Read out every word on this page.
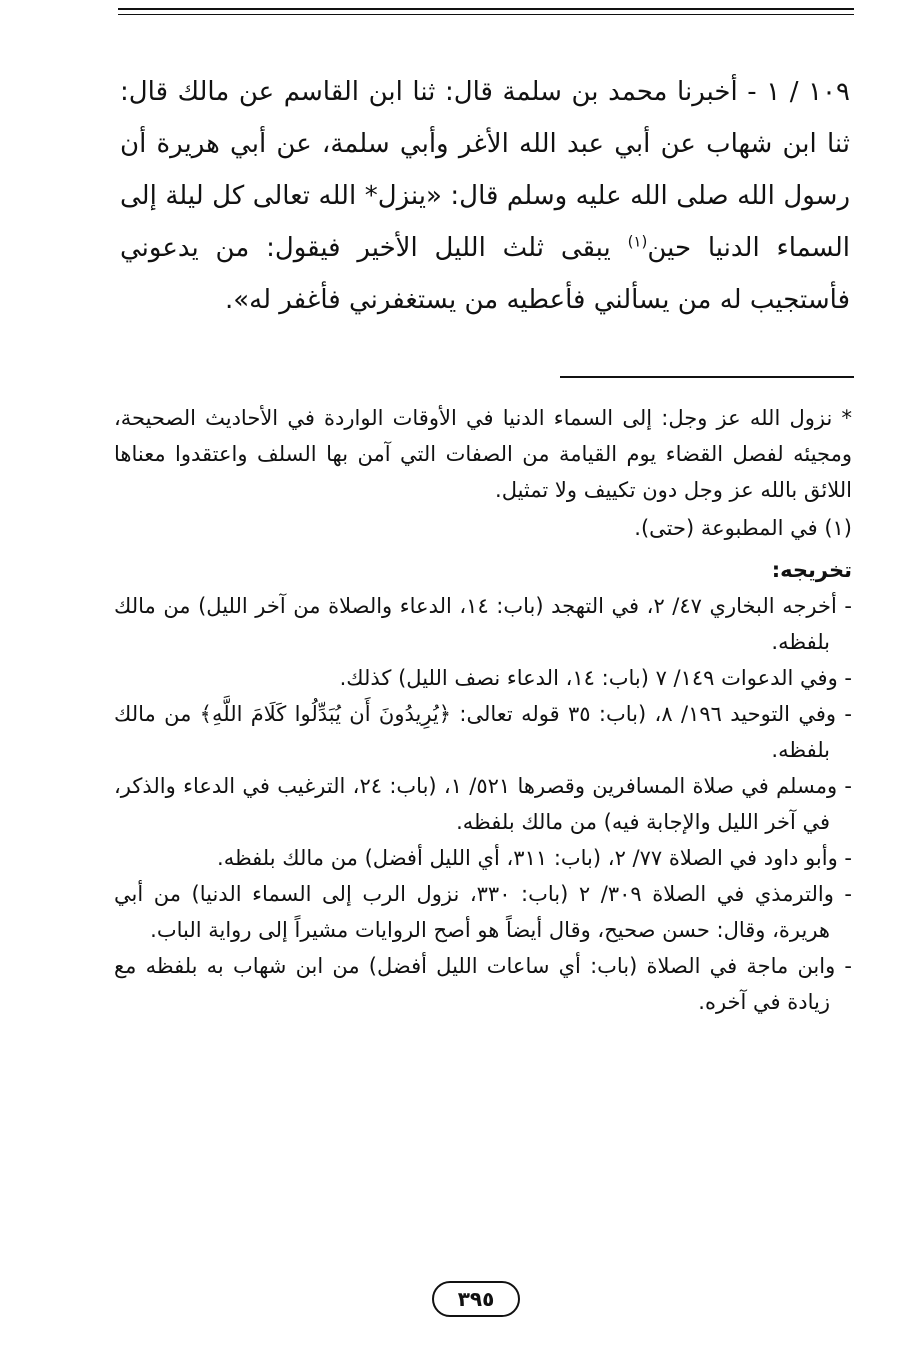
١٠٩ / ١ - أخبرنا محمد بن سلمة قال: ثنا ابن القاسم عن مالك قال: ثنا ابن شهاب عن أبي عبد الله الأغر وأبي سلمة، عن أبي هريرة أن رسول الله صلى الله عليه وسلم قال: «ينزل* الله تعالى كل ليلة إلى السماء الدنيا حين$^{(١)}$ يبقى ثلث الليل الأخير فيقول: من يدعوني فأستجيب له من يسألني فأعطيه من يستغفرني فأغفر له».

* نزول الله عز وجل: إلى السماء الدنيا في الأوقات الواردة في الأحاديث الصحيحة، ومجيئه لفصل القضاء يوم القيامة من الصفات التي آمن بها السلف واعتقدوا معناها اللائق بالله عز وجل دون تكييف ولا تمثيل.

(١) في المطبوعة (حتى).

تخريجه:

- أخرجه البخاري ٤٧/ ٢، في التهجد (باب: ١٤، الدعاء والصلاة من آخر الليل) من مالك بلفظه.

- وفي الدعوات ١٤٩/ ٧ (باب: ١٤، الدعاء نصف الليل) كذلك.

- وفي التوحيد ١٩٦/ ٨، (باب: ٣٥ قوله تعالى: ﴿يُرِيدُونَ أَن يُبَدِّلُوا كَلَامَ اللَّهِ﴾ من مالك بلفظه.

- ومسلم في صلاة المسافرين وقصرها ٥٢١/ ١، (باب: ٢٤، الترغيب في الدعاء والذكر، في آخر الليل والإجابة فيه) من مالك بلفظه.

- وأبو داود في الصلاة ٧٧/ ٢، (باب: ٣١١، أي الليل أفضل) من مالك بلفظه.

- والترمذي في الصلاة ٣٠٩/ ٢ (باب: ٣٣٠، نزول الرب إلى السماء الدنيا) من أبي هريرة، وقال: حسن صحيح، وقال أيضاً هو أصح الروايات مشيراً إلى رواية الباب.

- وابن ماجة في الصلاة (باب: أي ساعات الليل أفضل) من ابن شهاب به بلفظه مع زيادة في آخره.

٣٩٥
